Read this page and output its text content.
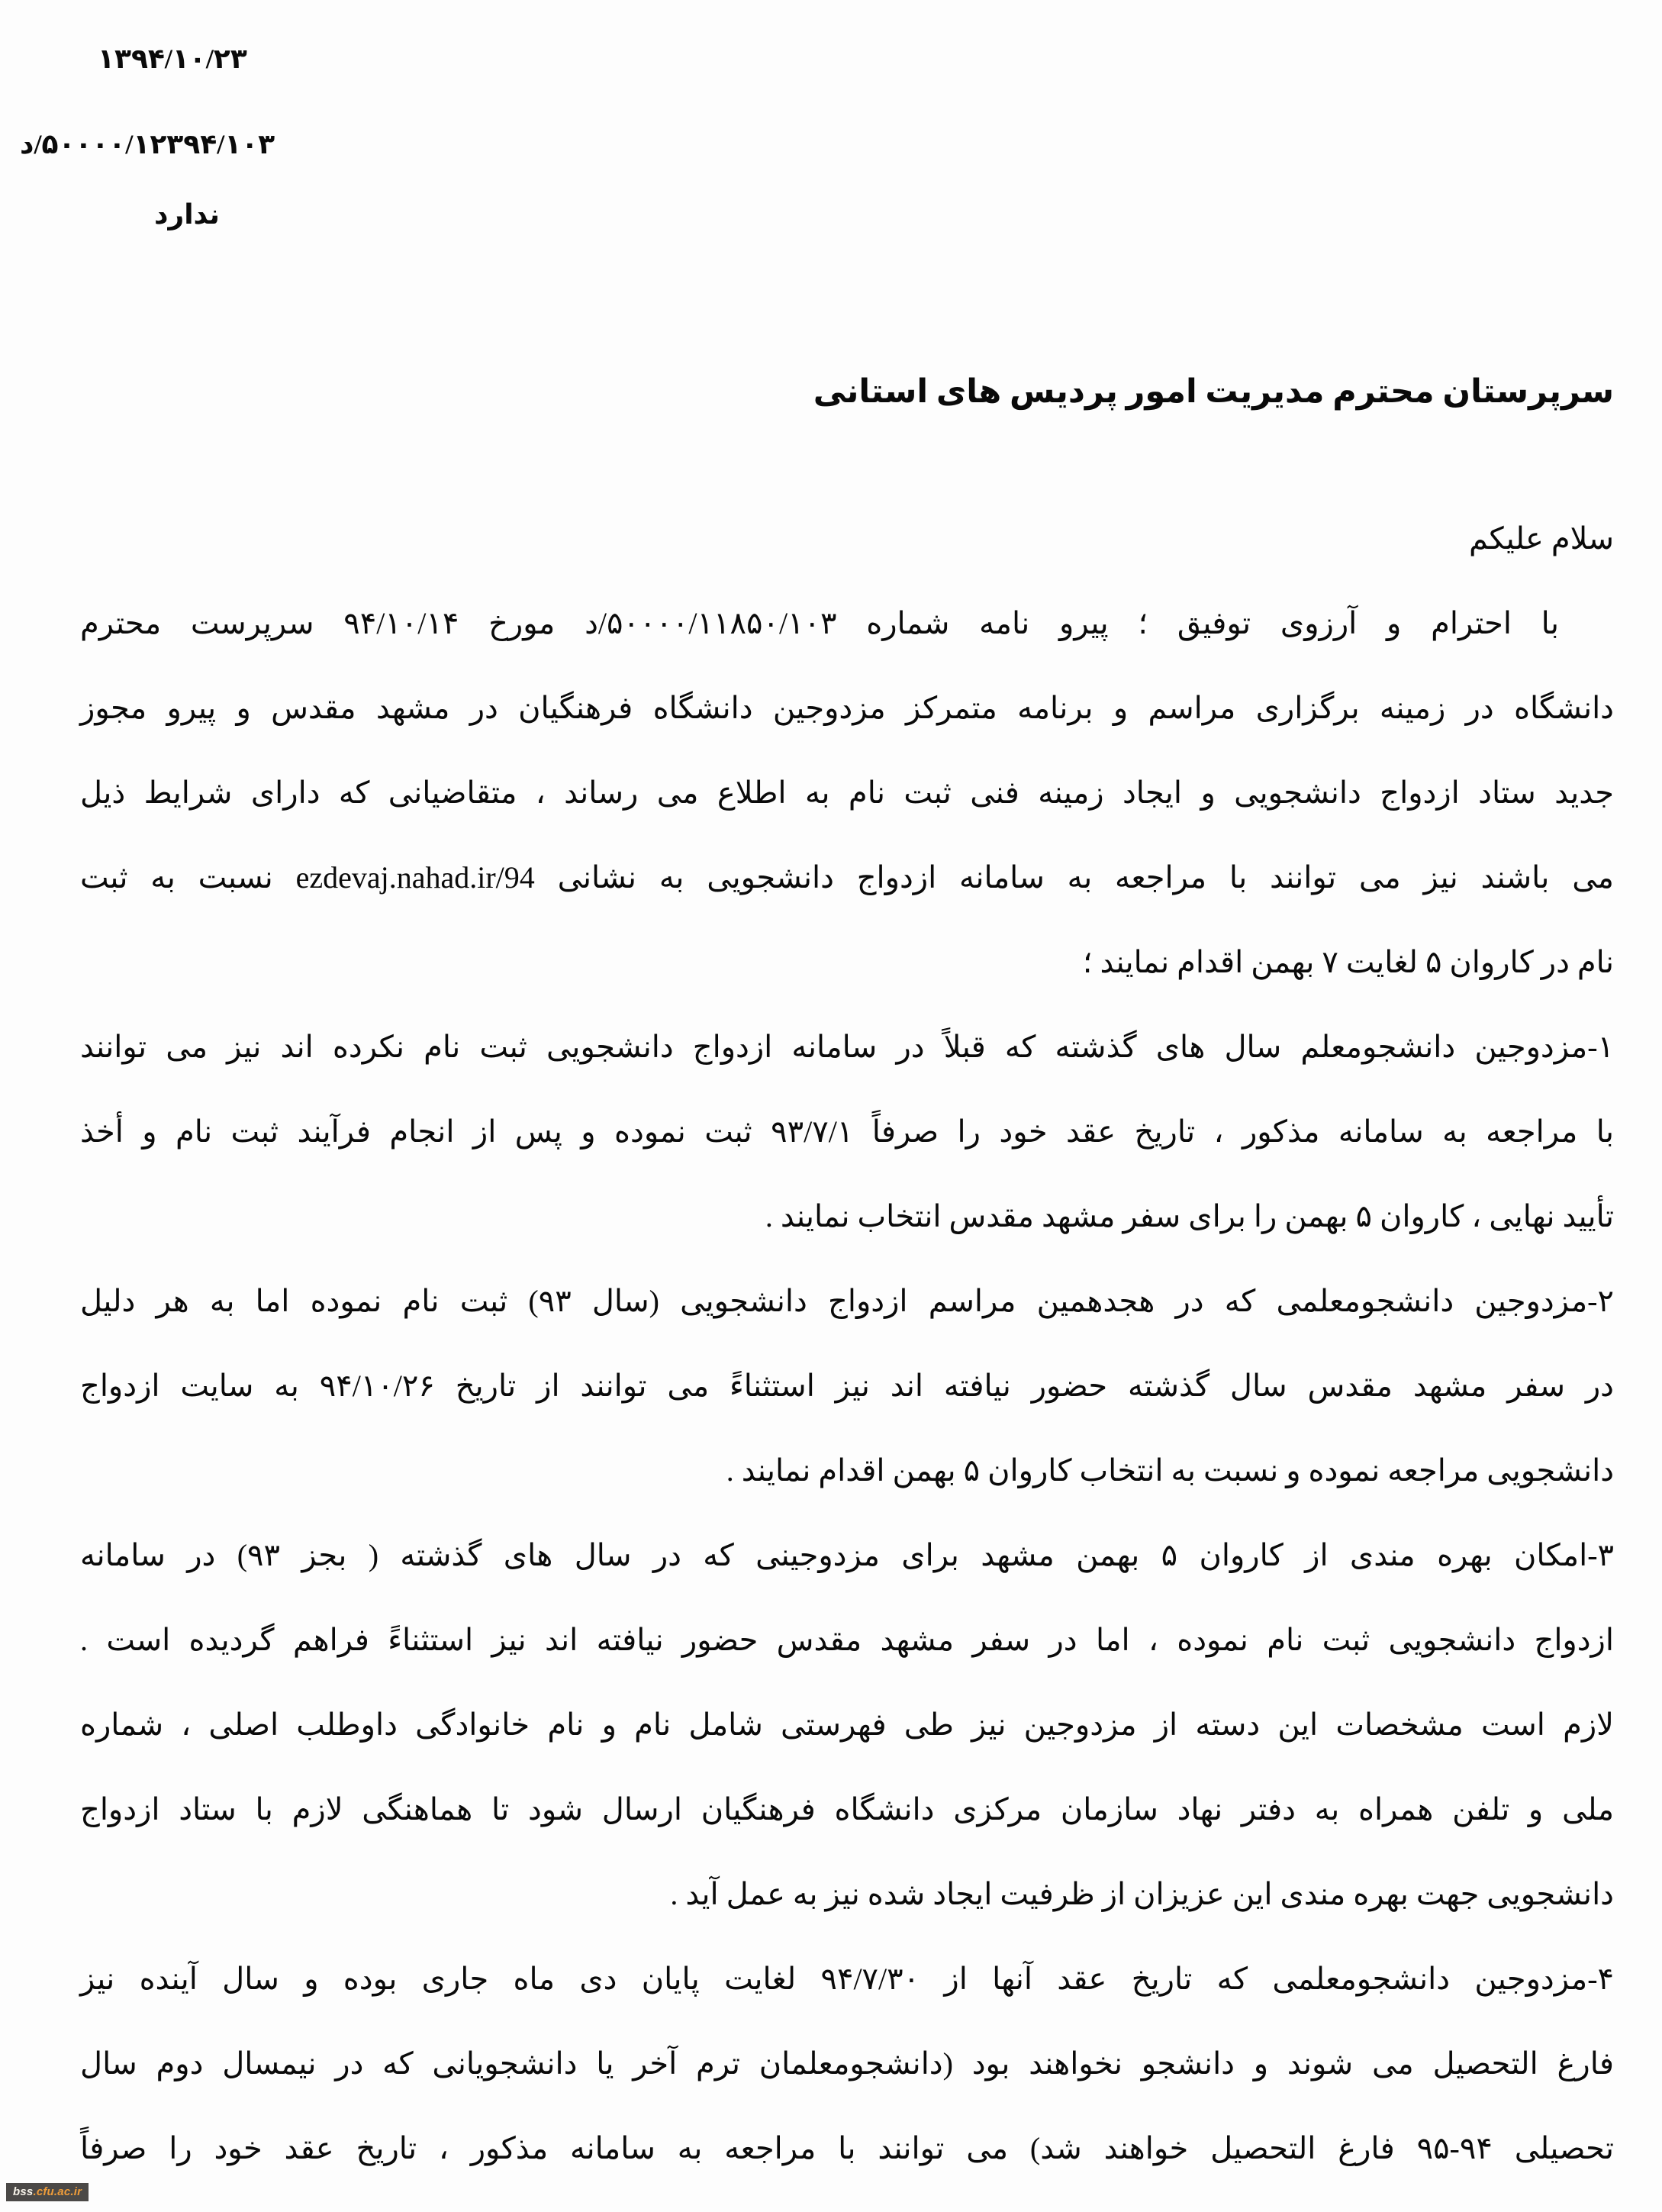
۱۳۹۴/۱۰/۲۳
۵۰۰۰۰/۱۲۳۹۴/۱۰۳/د
ندارد
سرپرستان محترم مدیریت امور پردیس های استانی

سلام علیکم

با احترام و آرزوی توفیق ؛ پیرو نامه شماره ۵۰۰۰۰/۱۱۸۵۰/۱۰۳/د مورخ ۹۴/۱۰/۱۴ سرپرست محترم

دانشگاه در زمینه برگزاری مراسم و برنامه متمرکز مزدوجین دانشگاه فرهنگیان در مشهد مقدس و پیرو مجوز

جدید ستاد ازدواج دانشجویی و ایجاد زمینه فنی ثبت نام به اطلاع می رساند ، متقاضیانی که دارای شرایط ذیل

می باشند نیز می توانند با مراجعه به سامانه ازدواج دانشجویی به نشانی ezdevaj.nahad.ir/94 نسبت به ثبت

نام در کاروان ۵ لغایت ۷ بهمن اقدام نمایند ؛

۱-مزدوجین دانشجومعلم سال های گذشته که قبلاً در سامانه ازدواج دانشجویی ثبت نام نکرده اند نیز می توانند

با مراجعه به سامانه مذکور ، تاریخ عقد خود را صرفاً ۹۳/۷/۱ ثبت نموده و پس از انجام فرآیند ثبت نام و أخذ

تأیید نهایی ، کاروان ۵ بهمن را برای سفر مشهد مقدس انتخاب نمایند .

۲-مزدوجین دانشجومعلمی که در هجدهمین مراسم ازدواج دانشجویی (سال ۹۳) ثبت نام نموده اما به هر دلیل

در سفر مشهد مقدس سال گذشته حضور نیافته اند نیز استثناءً می توانند از تاریخ ۹۴/۱۰/۲۶ به سایت ازدواج

دانشجویی مراجعه نموده و نسبت به انتخاب کاروان ۵ بهمن اقدام نمایند .

۳-امکان بهره مندی از کاروان ۵ بهمن مشهد برای مزدوجینی که در سال های گذشته ( بجز ۹۳) در سامانه

ازدواج دانشجویی ثبت نام نموده ، اما در سفر مشهد مقدس حضور نیافته اند نیز استثناءً فراهم گردیده است .

لازم است مشخصات این دسته از مزدوجین نیز طی فهرستی شامل نام و نام خانوادگی داوطلب اصلی ، شماره

ملی و تلفن همراه به دفتر نهاد سازمان مرکزی دانشگاه فرهنگیان ارسال شود تا هماهنگی لازم با ستاد ازدواج

دانشجویی جهت بهره مندی این عزیزان از ظرفیت ایجاد شده نیز به عمل آید .

۴-مزدوجین دانشجومعلمی که تاریخ عقد آنها از ۹۴/۷/۳۰ لغایت پایان دی ماه جاری بوده و سال آینده نیز

فارغ التحصیل می شوند و دانشجو نخواهند بود (دانشجومعلمان ترم آخر یا دانشجویانی که در نیمسال دوم سال

تحصیلی ۹۴-۹۵ فارغ التحصیل خواهند شد) می توانند با مراجعه به سامانه مذکور ، تاریخ عقد خود را صرفاً

bss.cfu.ac.ir
